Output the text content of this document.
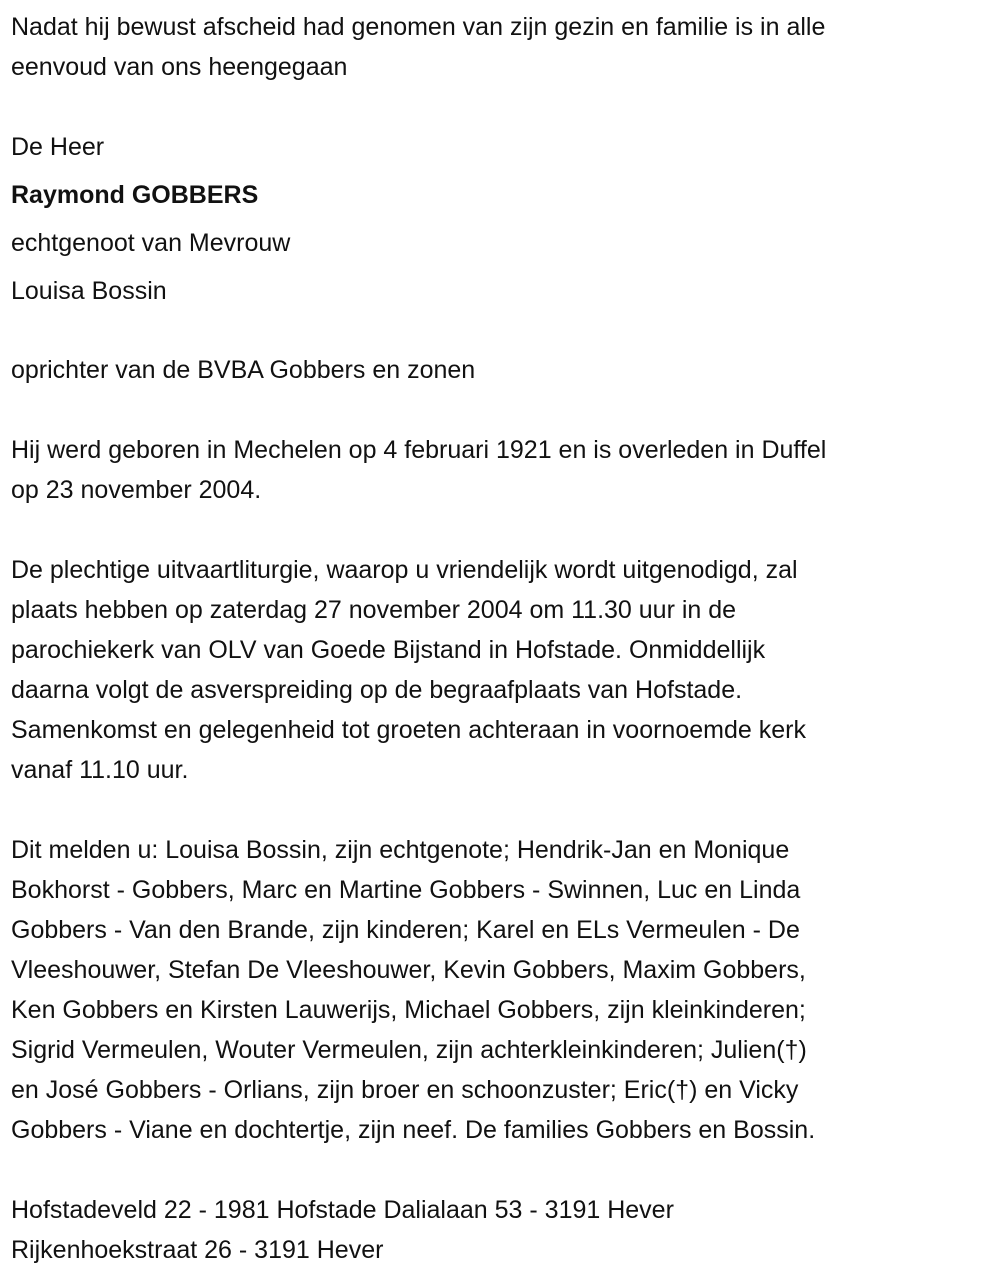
Nadat hij bewust afscheid had genomen van zijn gezin en familie is in alle
eenvoud van ons heengegaan
De Heer
Raymond GOBBERS
echtgenoot van Mevrouw
Louisa Bossin
oprichter van de BVBA Gobbers en zonen
Hij werd geboren in Mechelen op 4 februari 1921 en is overleden in Duffel
op 23 november 2004.
De plechtige uitvaartliturgie, waarop u vriendelijk wordt uitgenodigd, zal
plaats hebben op zaterdag 27 november 2004 om 11.30 uur in de
parochiekerk van OLV van Goede Bijstand in Hofstade. Onmiddellijk
daarna volgt de asverspreiding op de begraafplaats van Hofstade.
Samenkomst en gelegenheid tot groeten achteraan in voornoemde kerk
vanaf 11.10 uur.
Dit melden u: Louisa Bossin, zijn echtgenote; Hendrik-Jan en Monique
Bokhorst - Gobbers, Marc en Martine Gobbers - Swinnen, Luc en Linda
Gobbers - Van den Brande, zijn kinderen; Karel en ELs Vermeulen - De
Vleeshouwer, Stefan De Vleeshouwer, Kevin Gobbers, Maxim Gobbers,
Ken Gobbers en Kirsten Lauwerijs, Michael Gobbers, zijn kleinkinderen;
Sigrid Vermeulen, Wouter Vermeulen, zijn achterkleinkinderen; Julien(†)
en José Gobbers - Orlians, zijn broer en schoonzuster; Eric(†) en Vicky
Gobbers - Viane en dochtertje, zijn neef. De families Gobbers en Bossin.
Hofstadeveld 22 - 1981 Hofstade Dalialaan 53 - 3191 Hever
Rijkenhoekstraat 26 - 3191 Hever
